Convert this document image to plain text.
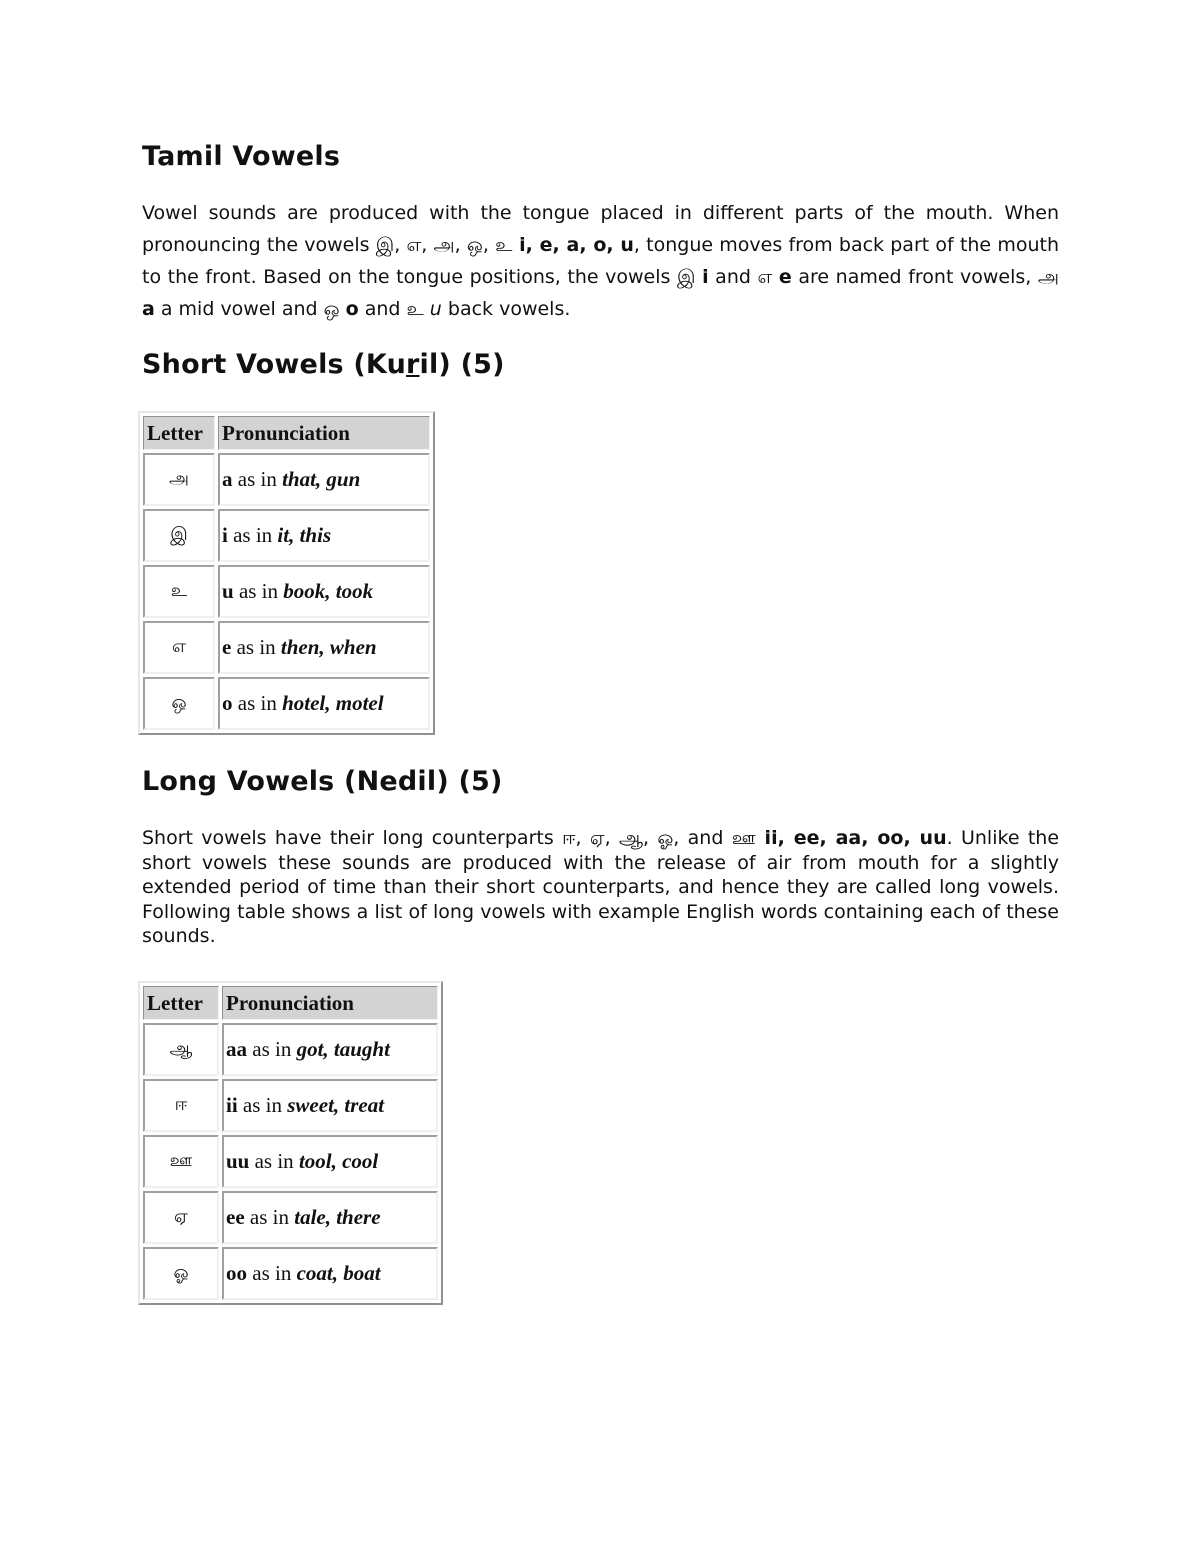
Tamil Vowels

Vowel sounds are produced with the tongue placed in different parts of the mouth. When pronouncing the vowels இ, எ, அ, ஒ, உ i, e, a, o, u, tongue moves from back part of the mouth to the front. Based on the tongue positions, the vowels இ i and எ e are named front vowels, அ a a mid vowel and ஒ o and உ u back vowels.

Short Vowels (Kuril) (5)
Long Vowels (Nedil) (5)

Short vowels have their long counterparts ஈ, ஏ, ஆ, ஓ, and ஊ ii, ee, aa, oo, uu. Unlike the short vowels these sounds are produced with the release of air from mouth for a slightly extended period of time than their short counterparts, and hence they are called long vowels. Following table shows a list of long vowels with example English words containing each of these sounds.

Letter	Pronunciation
அ	a as in that, gun
இ	i as in it, this
உ	u as in book, took
எ	e as in then, when
ஒ	o as in hotel, motel
Letter	Pronunciation
ஆ	aa as in got, taught
ஈ	ii as in sweet, treat
ஊ	uu as in tool, cool
ஏ	ee as in tale, there
ஓ	oo as in coat, boat
